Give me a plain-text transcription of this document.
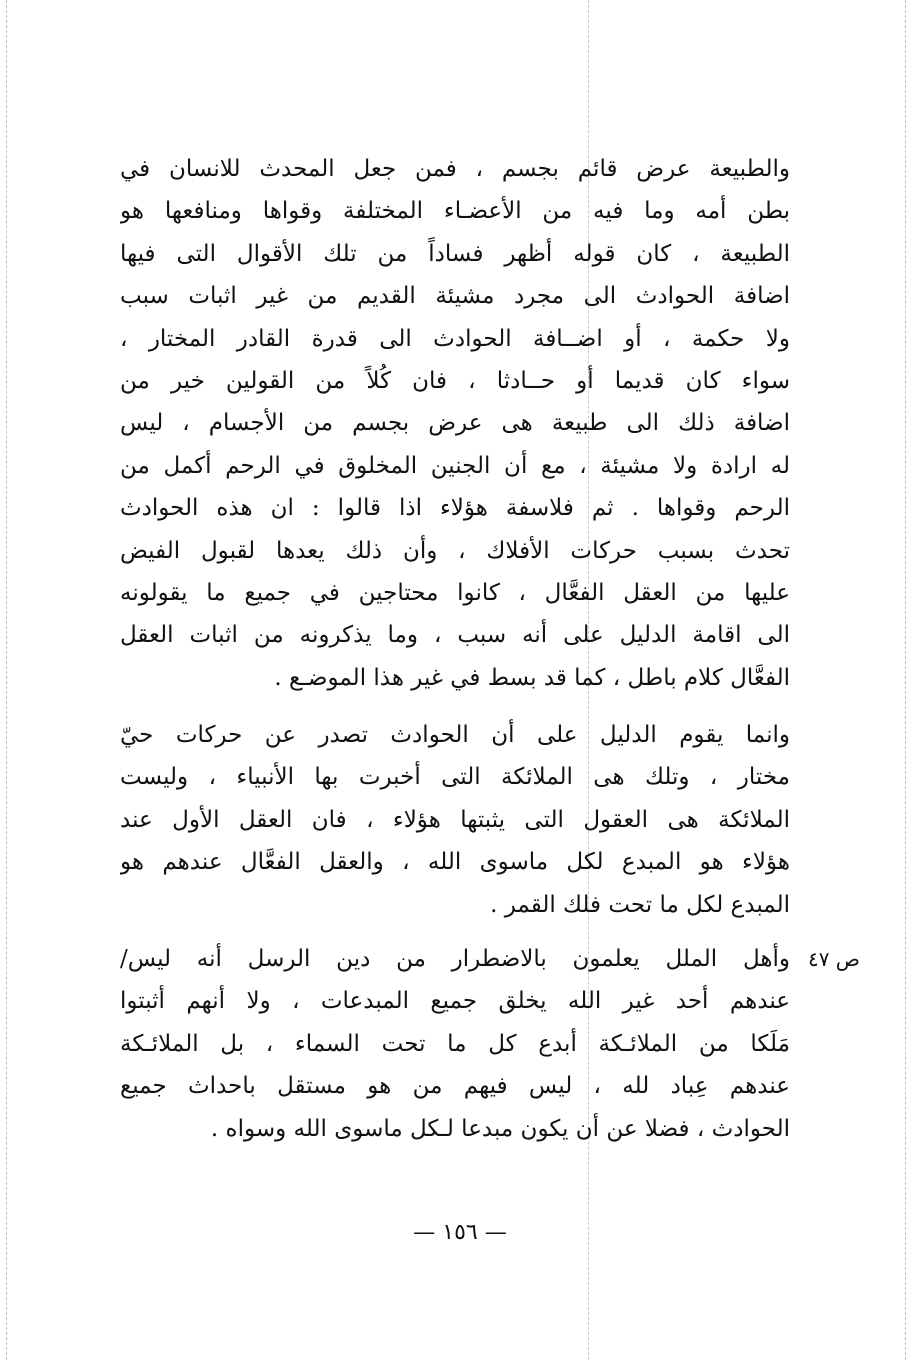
والطبيعة عرض قائم بجسم ، فمن جعل المحدث للانسان في
بطن أمه وما فيه من الأعضـاء المختلفة وقواها ومنافعها هو
الطبيعة ، كان قوله أظهر فساداً من تلك الأقوال التى فيها
اضافة الحوادث الى مجرد مشيئة القديم من غير اثبات سبب
ولا حكمة ، أو اضــافة الحوادث الى قدرة القادر المختار ،
سواء كان قديما أو حــادثا ، فان كُلاً من القولين خير من
اضافة ذلك الى طبيعة هى عرض بجسم من الأجسام ، ليس
له ارادة ولا مشيئة ، مع أن الجنين المخلوق في الرحم أكمل من
الرحم وقواها . ثم فلاسفة هؤلاء اذا قالوا : ان هذه الحوادث
تحدث بسبب حركات الأفلاك ، وأن ذلك يعدها لقبول الفيض
عليها من العقل الفعَّال ، كانوا محتاجين في جميع ما يقولونه
الى اقامة الدليل على أنه سبب ، وما يذكرونه من اثبات العقل
الفعَّال كلام باطل ، كما قد بسط في غير هذا الموضـع .
وانما يقوم الدليل على أن الحوادث تصدر عن حركات حيّ
مختار ، وتلك هى الملائكة التى أخبرت بها الأنبياء ، وليست
الملائكة هى العقول التى يثبتها هؤلاء ، فان العقل الأول عند
هؤلاء هو المبدع لكل ماسوى الله ، والعقل الفعَّال عندهم هو
المبدع لكل ما تحت فلك القمر .
ص ٤٧
وأهل الملل يعلمون بالاضطرار من دين الرسل أنه ليس/
عندهم أحد غير الله يخلق جميع المبدعات ، ولا أنهم أثبتوا
مَلَكا من الملائـكة أبدع كل ما تحت السماء ، بل الملائـكة
عندهم عِباد لله ، ليس فيهم من هو مستقل باحداث جميع
الحوادث ، فضلا عن أن يكون مبدعا لـكل ماسوى الله وسواه .
— ١٥٦ —
